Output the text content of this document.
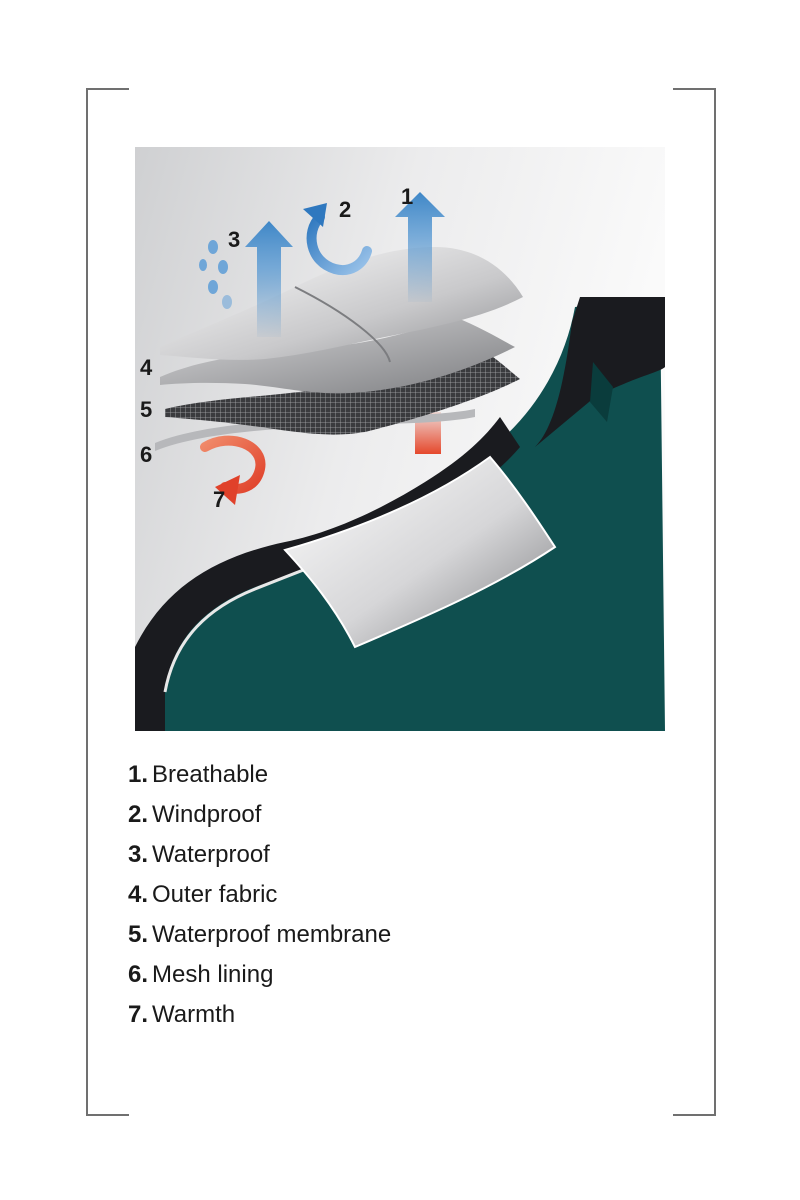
1
2
3
4
5
6
7
1. Breathable
2. Windproof
3. Waterproof
4. Outer fabric
5. Waterproof membrane
6. Mesh lining
7. Warmth
